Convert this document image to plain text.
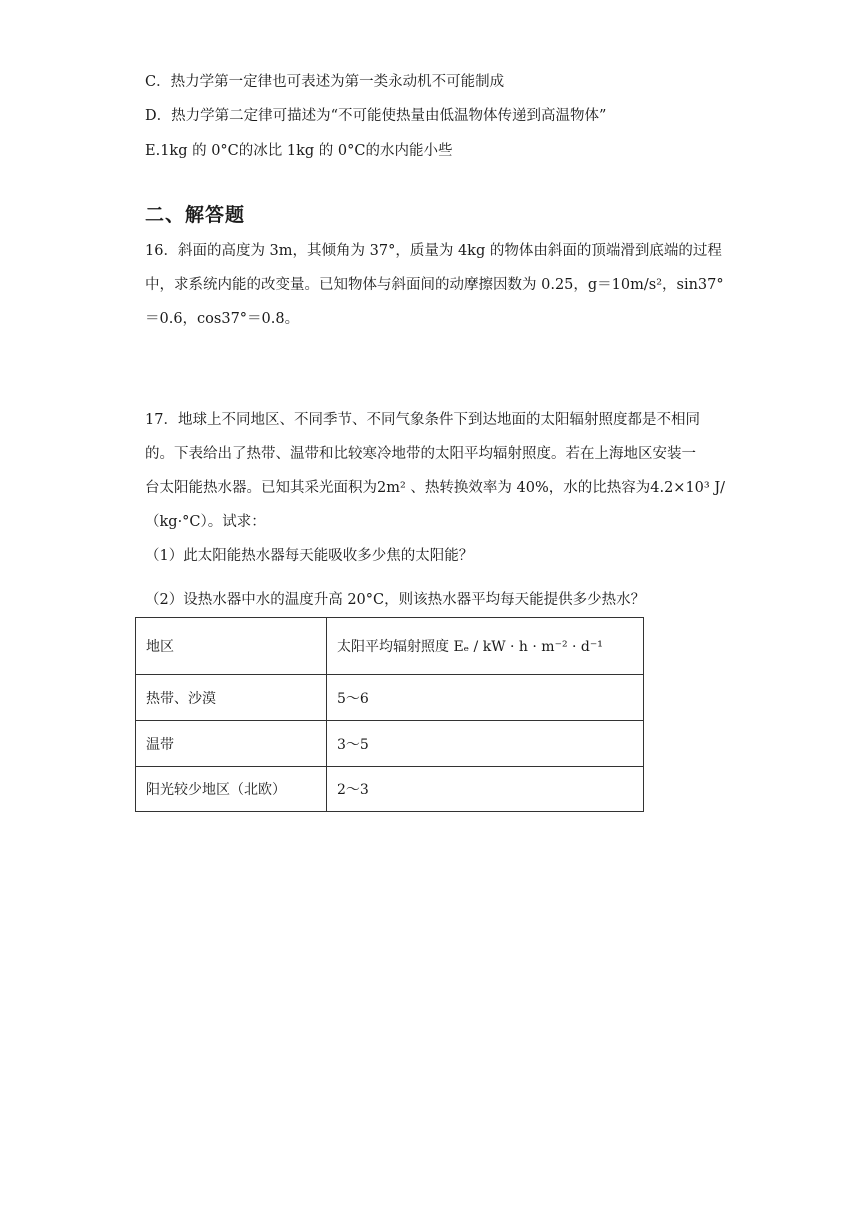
C．热力学第一定律也可表述为第一类永动机不可能制成
D．热力学第二定律可描述为“不可能使热量由低温物体传递到高温物体”
E.1kg 的 0°C的冰比 1kg 的 0°C的水内能小些
二、解答题
16．斜面的高度为 3m，其倾角为 37°，质量为 4kg 的物体由斜面的顶端滑到底端的过程
中，求系统内能的改变量。已知物体与斜面间的动摩擦因数为 0.25，g＝10m/s²，sin37°
＝0.6，cos37°＝0.8。
17．地球上不同地区、不同季节、不同气象条件下到达地面的太阳辐射照度都是不相同
的。下表给出了热带、温带和比较寒冷地带的太阳平均辐射照度。若在上海地区安装一
台太阳能热水器。已知其采光面积为2m² 、热转换效率为 40%，水的比热容为4.2×10³ J/
（kg·°C）。试求：
（1）此太阳能热水器每天能吸收多少焦的太阳能？
（2）设热水器中水的温度升高 20°C，则该热水器平均每天能提供多少热水？
地区	太阳平均辐射照度 Eₑ / kW · h · m⁻² · d⁻¹
热带、沙漠	5～6
温带	3～5
阳光较少地区（北欧）	2～3
